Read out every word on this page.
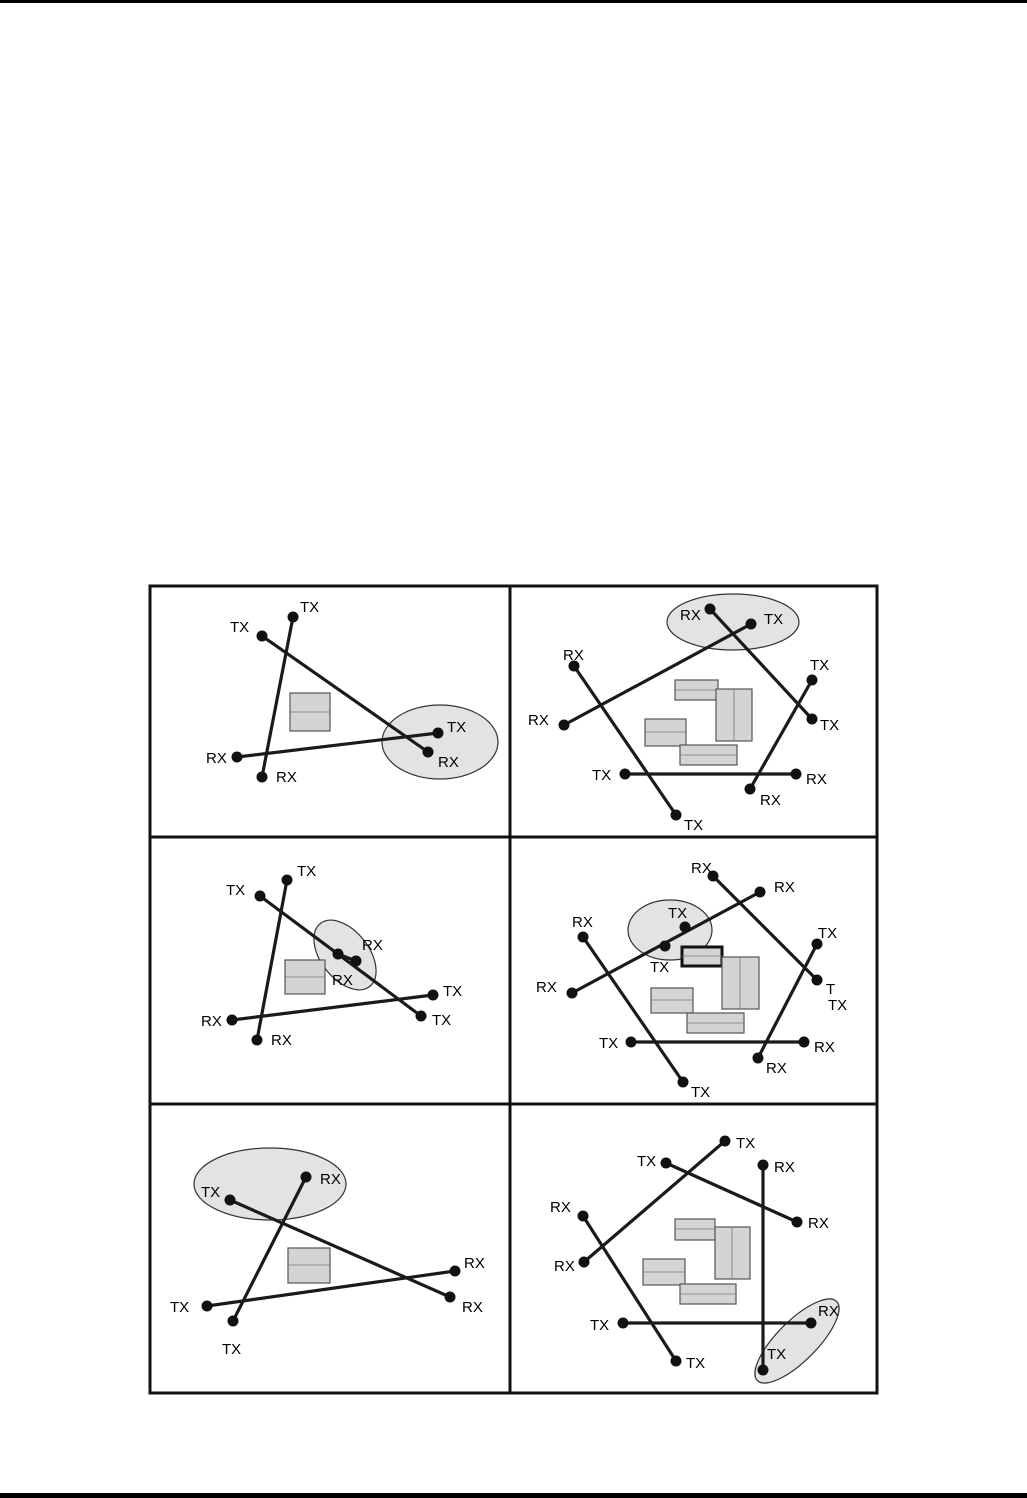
TX
TX
TX
RX	RX
RX
RX	TX
RX
TX
RX	TX
TX	RX
RX
TX
TX
TX
RX
RX
TX
TX
RX
RX
RX
RX
TX
RX
TX
TX
T
TX
RX
TX	RX
RX
TX
RX
TX
RX
RX
TX
TX
TX
TX	RX
RX
RX
RX
TX
RX
TX
TX
